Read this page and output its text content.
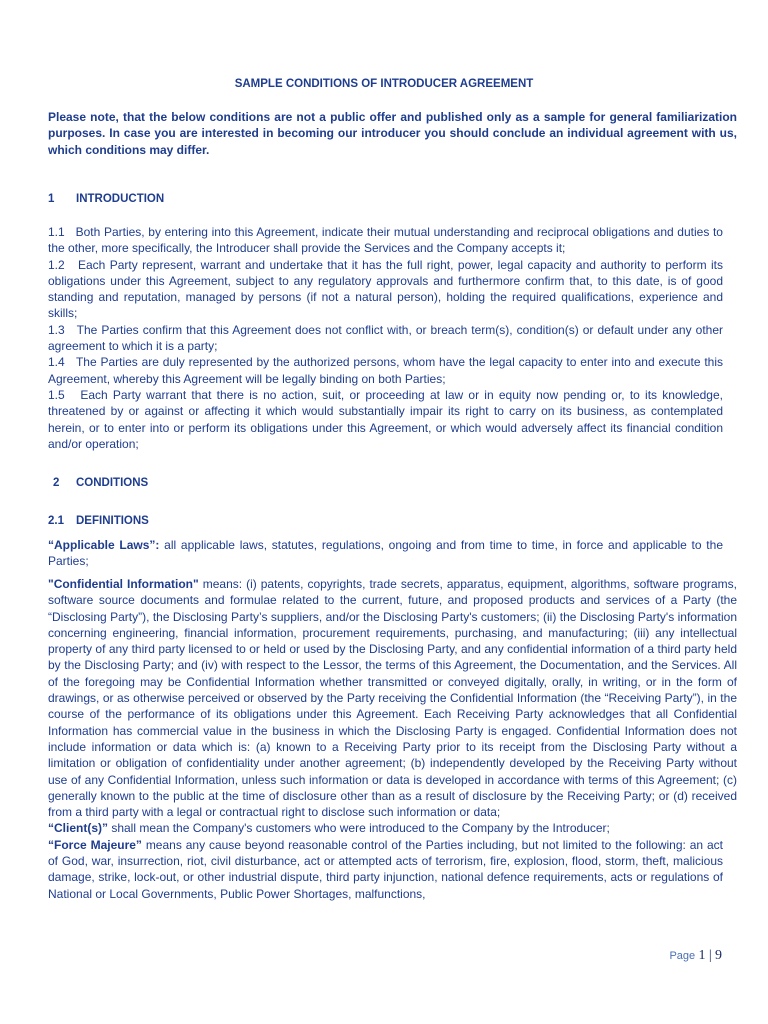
SAMPLE CONDITIONS OF INTRODUCER AGREEMENT
Please note, that the below conditions are not a public offer and published only as a sample for general familiarization purposes. In case you are interested in becoming our introducer you should conclude an individual agreement with us, which conditions may differ.
1 INTRODUCTION

1.1 Both Parties, by entering into this Agreement, indicate their mutual understanding and reciprocal obligations and duties to the other, more specifically, the Introducer shall provide the Services and the Company accepts it;

1.2 Each Party represent, warrant and undertake that it has the full right, power, legal capacity and authority to perform its obligations under this Agreement, subject to any regulatory approvals and furthermore confirm that, to this date, is of good standing and reputation, managed by persons (if not a natural person), holding the required qualifications, experience and skills;

1.3 The Parties confirm that this Agreement does not conflict with, or breach term(s), condition(s) or default under any other agreement to which it is a party;

1.4 The Parties are duly represented by the authorized persons, whom have the legal capacity to enter into and execute this Agreement, whereby this Agreement will be legally binding on both Parties;

1.5 Each Party warrant that there is no action, suit, or proceeding at law or in equity now pending or, to its knowledge, threatened by or against or affecting it which would substantially impair its right to carry on its business, as contemplated herein, or to enter into or perform its obligations under this Agreement, or which would adversely affect its financial condition and/or operation;

2 CONDITIONS
2.1 DEFINITIONS

“Applicable Laws”: all applicable laws, statutes, regulations, ongoing and from time to time, in force and applicable to the Parties;

"Confidential Information" means: (i) patents, copyrights, trade secrets, apparatus, equipment, algorithms, software programs, software source documents and formulae related to the current, future, and proposed products and services of a Party (the “Disclosing Party”), the Disclosing Party’s suppliers, and/or the Disclosing Party's customers; (ii) the Disclosing Party's information concerning engineering, financial information, procurement requirements, purchasing, and manufacturing; (iii) any intellectual property of any third party licensed to or held or used by the Disclosing Party, and any confidential information of a third party held by the Disclosing Party; and (iv) with respect to the Lessor, the terms of this Agreement, the Documentation, and the Services. All of the foregoing may be Confidential Information whether transmitted or conveyed digitally, orally, in writing, or in the form of drawings, or as otherwise perceived or observed by the Party receiving the Confidential Information (the “Receiving Party”), in the course of the performance of its obligations under this Agreement. Each Receiving Party acknowledges that all Confidential Information has commercial value in the business in which the Disclosing Party is engaged. Confidential Information does not include information or data which is: (a) known to a Receiving Party prior to its receipt from the Disclosing Party without a limitation or obligation of confidentiality under another agreement; (b) independently developed by the Receiving Party without use of any Confidential Information, unless such information or data is developed in accordance with terms of this Agreement; (c) generally known to the public at the time of disclosure other than as a result of disclosure by the Receiving Party; or (d) received from a third party with a legal or contractual right to disclose such information or data;

“Client(s)” shall mean the Company's customers who were introduced to the Company by the Introducer;

“Force Majeure” means any cause beyond reasonable control of the Parties including, but not limited to the following: an act of God, war, insurrection, riot, civil disturbance, act or attempted acts of terrorism, fire, explosion, flood, storm, theft, malicious damage, strike, lock-out, or other industrial dispute, third party injunction, national defence requirements, acts or regulations of National or Local Governments, Public Power Shortages, malfunctions,

Page 1 | 9
